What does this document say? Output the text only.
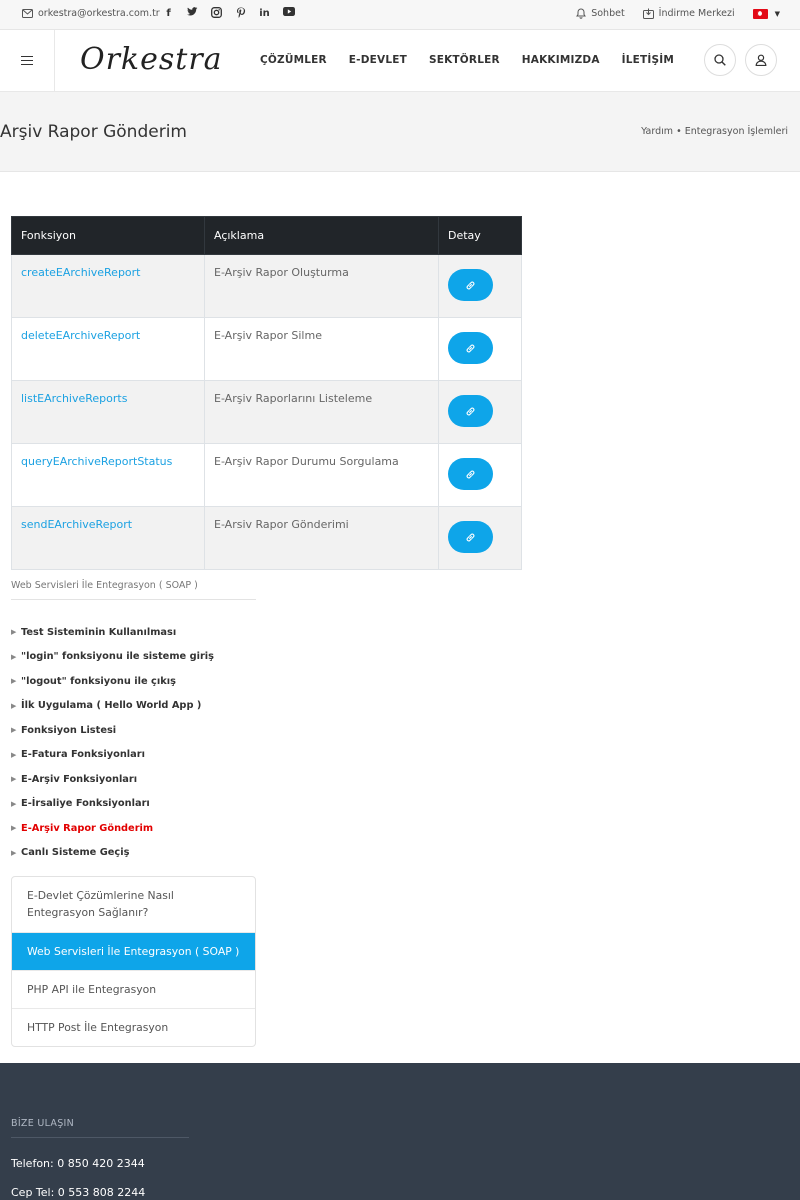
orkestra@orkestra.com.tr f	in	Sohbet	İndirme Merkezi	▼
Orkestra	ÇÖZÜMLER E-DEVLET SEKTÖRLER HAKKIMIZDA İLETİŞİM
Arşiv Rapor Gönderim	Yardım • Entegrasyon İşlemleri
Fonksiyon	Açıklama	Detay
createEArchiveReport	E-Arşiv Rapor Oluşturma	

deleteEArchiveReport	E-Arşiv Rapor Silme	

listEArchiveReports	E-Arşiv Raporlarını Listeleme	

queryEArchiveReportStatus	E-Arşiv Rapor Durumu Sorgulama	

sendEArchiveReport	E-Arsiv Rapor Gönderimi	
Web Servisleri İle Entegrasyon ( SOAP )
▶ Test Sisteminin Kullanılması
▶ "login" fonksiyonu ile sisteme giriş
▶ "logout" fonksiyonu ile çıkış
▶ İlk Uygulama ( Hello World App )
▶ Fonksiyon Listesi
▶ E-Fatura Fonksiyonları
▶ E-Arşiv Fonksiyonları
▶ E-İrsaliye Fonksiyonları
▶ E-Arşiv Rapor Gönderim
▶ Canlı Sisteme Geçiş
E-Devlet Çözümlerine Nasıl Entegrasyon Sağlanır?
Web Servisleri İle Entegrasyon ( SOAP )
PHP API ile Entegrasyon
HTTP Post İle Entegrasyon
BİZE ULAŞIN
Telefon: 0 850 420 2344
Cep Tel: 0 553 808 2244
